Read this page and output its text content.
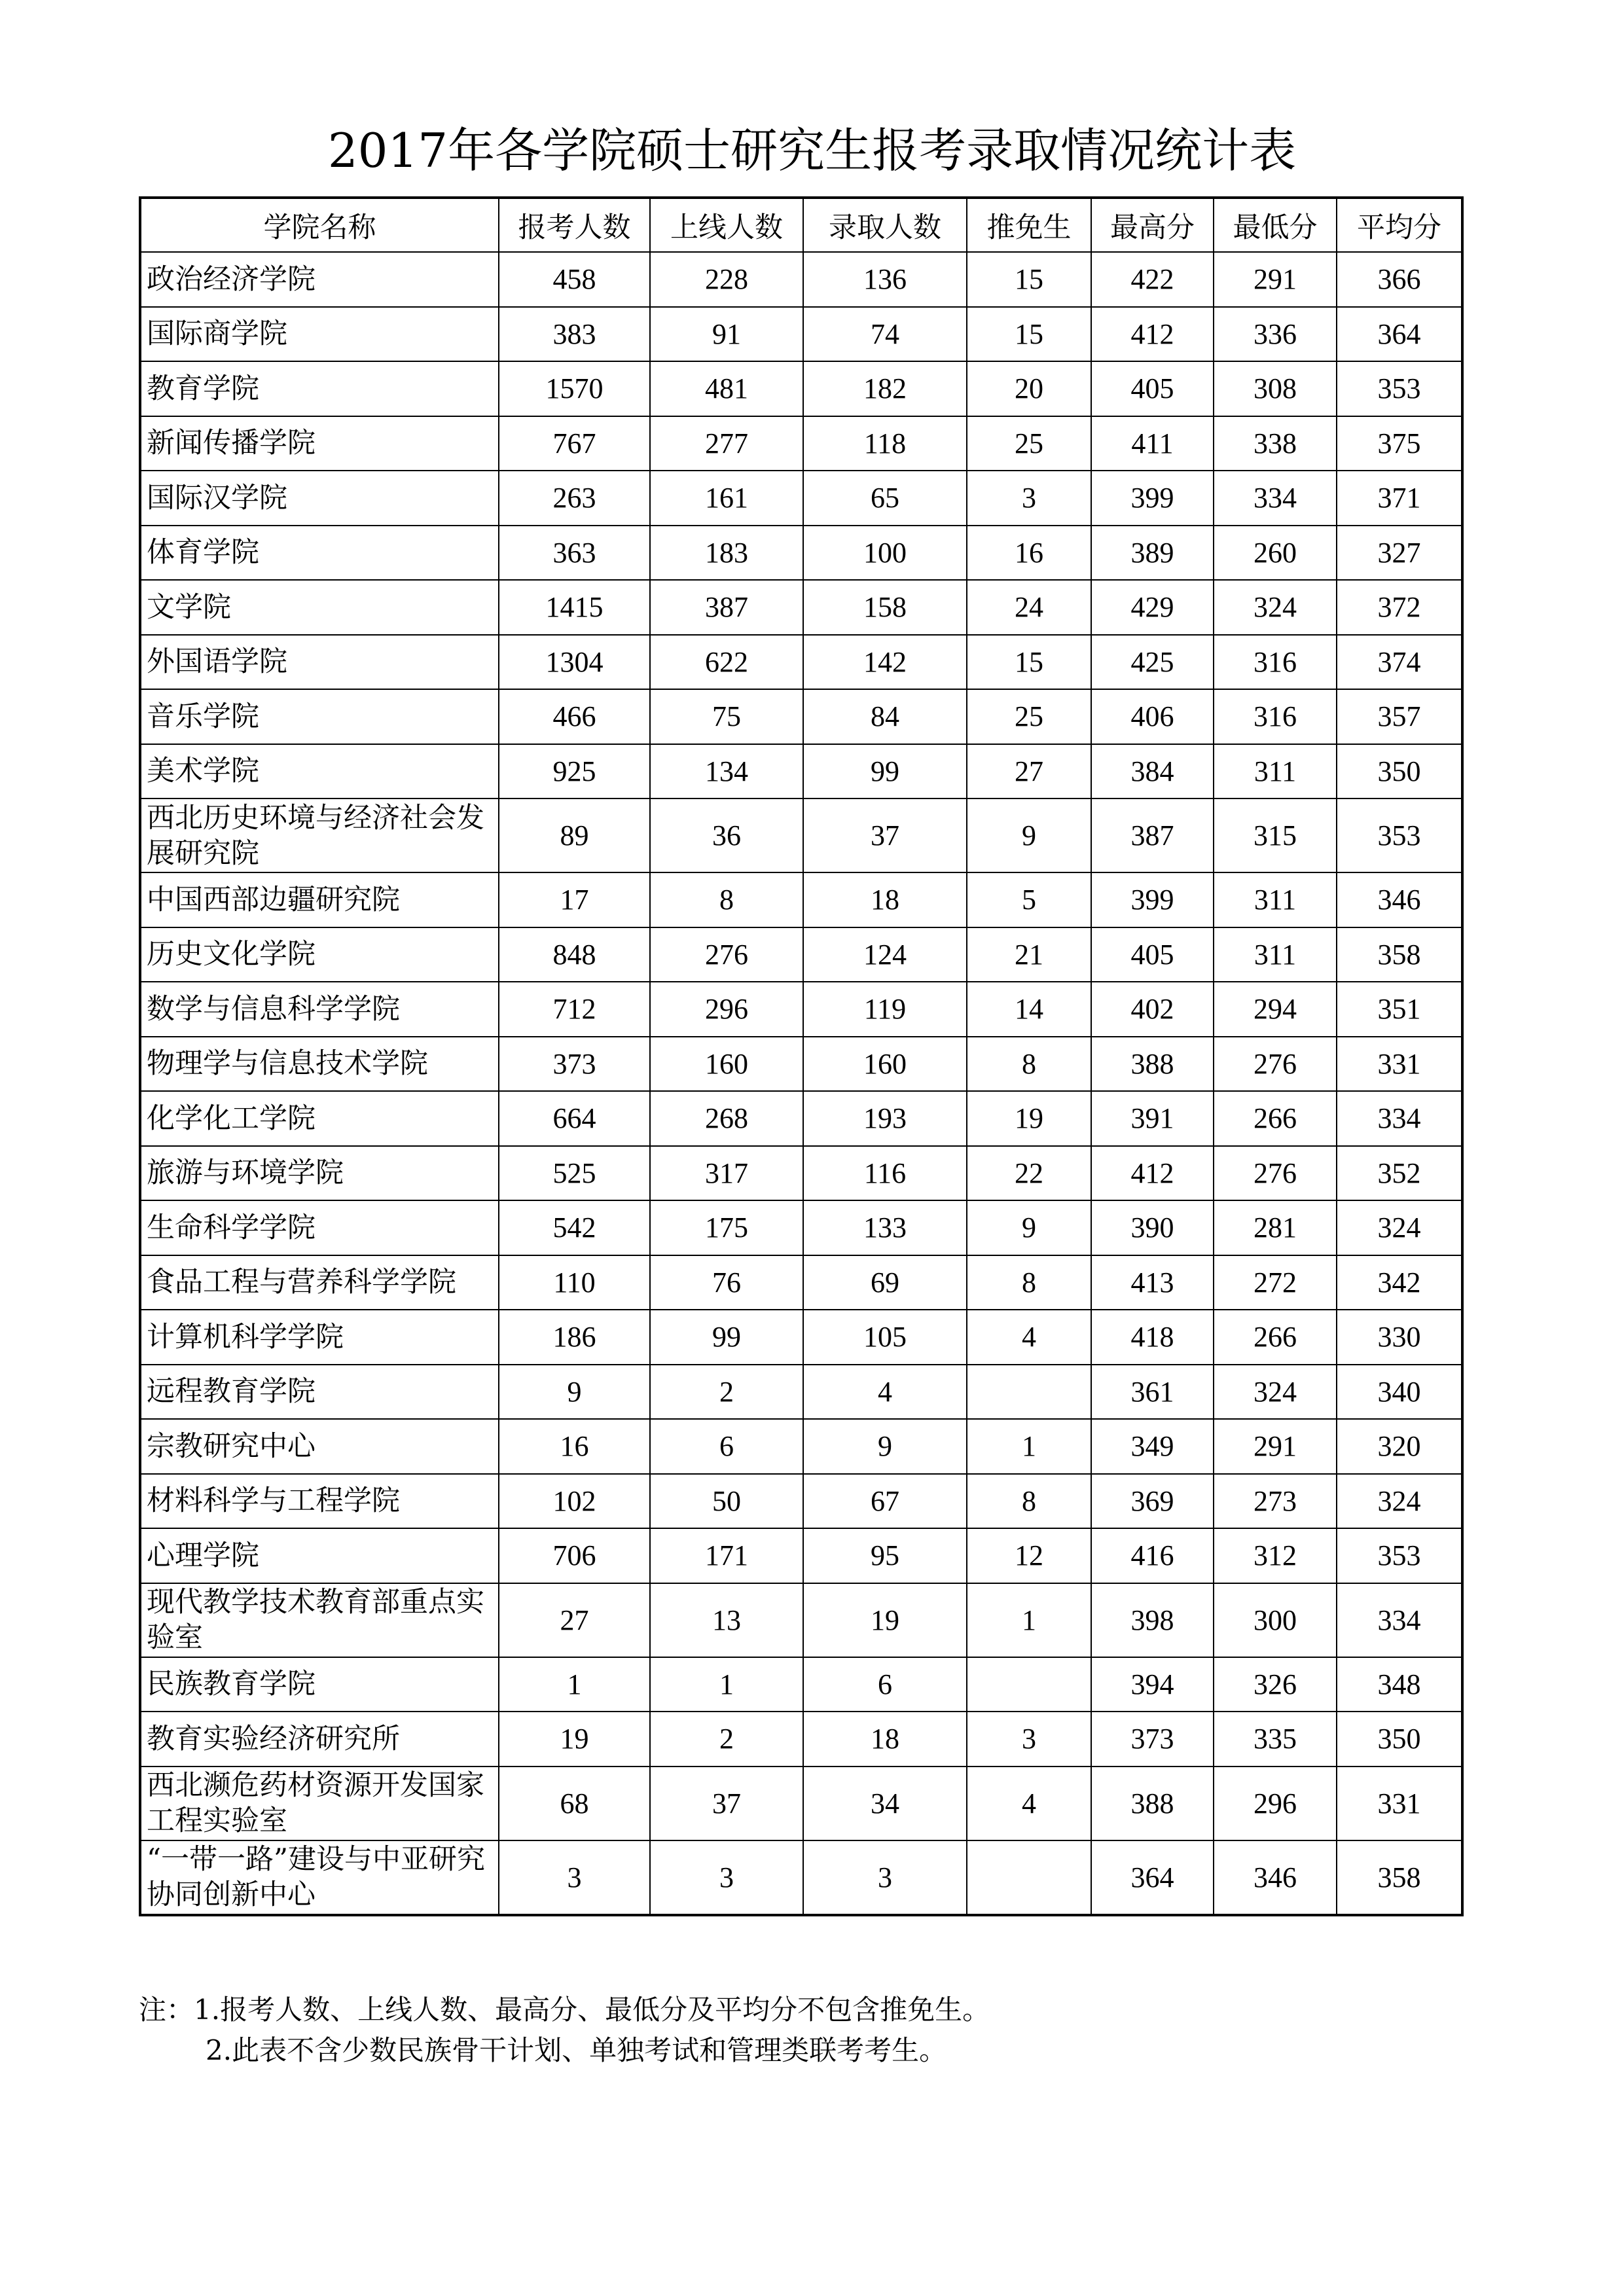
2017年各学院硕士研究生报考录取情况统计表
学院名称	报考人数	上线人数	录取人数	推免生	最高分	最低分	平均分
政治经济学院	458	228	136	15	422	291	366
国际商学院	383	91	74	15	412	336	364
教育学院	1570	481	182	20	405	308	353
新闻传播学院	767	277	118	25	411	338	375
国际汉学院	263	161	65	3	399	334	371
体育学院	363	183	100	16	389	260	327
文学院	1415	387	158	24	429	324	372
外国语学院	1304	622	142	15	425	316	374
音乐学院	466	75	84	25	406	316	357
美术学院	925	134	99	27	384	311	350
西北历史环境与经济社会发展研究院	89	36	37	9	387	315	353
中国西部边疆研究院	17	8	18	5	399	311	346
历史文化学院	848	276	124	21	405	311	358
数学与信息科学学院	712	296	119	14	402	294	351
物理学与信息技术学院	373	160	160	8	388	276	331
化学化工学院	664	268	193	19	391	266	334
旅游与环境学院	525	317	116	22	412	276	352
生命科学学院	542	175	133	9	390	281	324
食品工程与营养科学学院	110	76	69	8	413	272	342
计算机科学学院	186	99	105	4	418	266	330
远程教育学院	9	2	4		361	324	340
宗教研究中心	16	6	9	1	349	291	320
材料科学与工程学院	102	50	67	8	369	273	324
心理学院	706	171	95	12	416	312	353
现代教学技术教育部重点实验室	27	13	19	1	398	300	334
民族教育学院	1	1	6		394	326	348
教育实验经济研究所	19	2	18	3	373	335	350
西北濒危药材资源开发国家工程实验室	68	37	34	4	388	296	331
“一带一路”建设与中亚研究协同创新中心	3	3	3		364	346	358
注：1.报考人数、上线人数、最高分、最低分及平均分不包含推免生。
2.此表不含少数民族骨干计划、单独考试和管理类联考考生。
